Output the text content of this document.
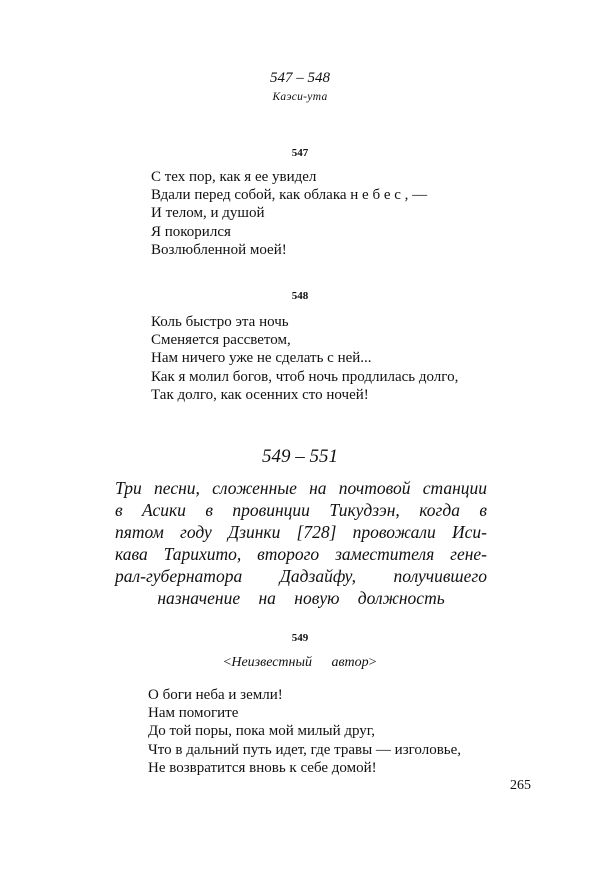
547 – 548
Каэси-ута
547
С тех пор, как я ее увидел
Вдали перед собой, как облака н е б е с , —
И телом, и душой
Я покорился
Возлюбленной моей!
548
Коль быстро эта ночь
Сменяется рассветом,
Нам ничего уже не сделать с ней...
Как я молил богов, чтоб ночь продлилась долго,
Так долго, как осенних сто ночей!
549 – 551
Три песни, сложенные на почтовой станции
в Асики в провинции Тикудзэн, когда в
пятом году Дзинки [728] провожали Иси-
кава Тарихито, второго заместителя гене-
рал-губернатора Дадзайфу, получившего
назначение на новую должность
549
<Неизвестный автор>
О боги неба и земли!
Нам помогите
До той поры, пока мой милый друг,
Что в дальний путь идет, где травы — изголовье,
Не возвратится вновь к себе домой!
265
